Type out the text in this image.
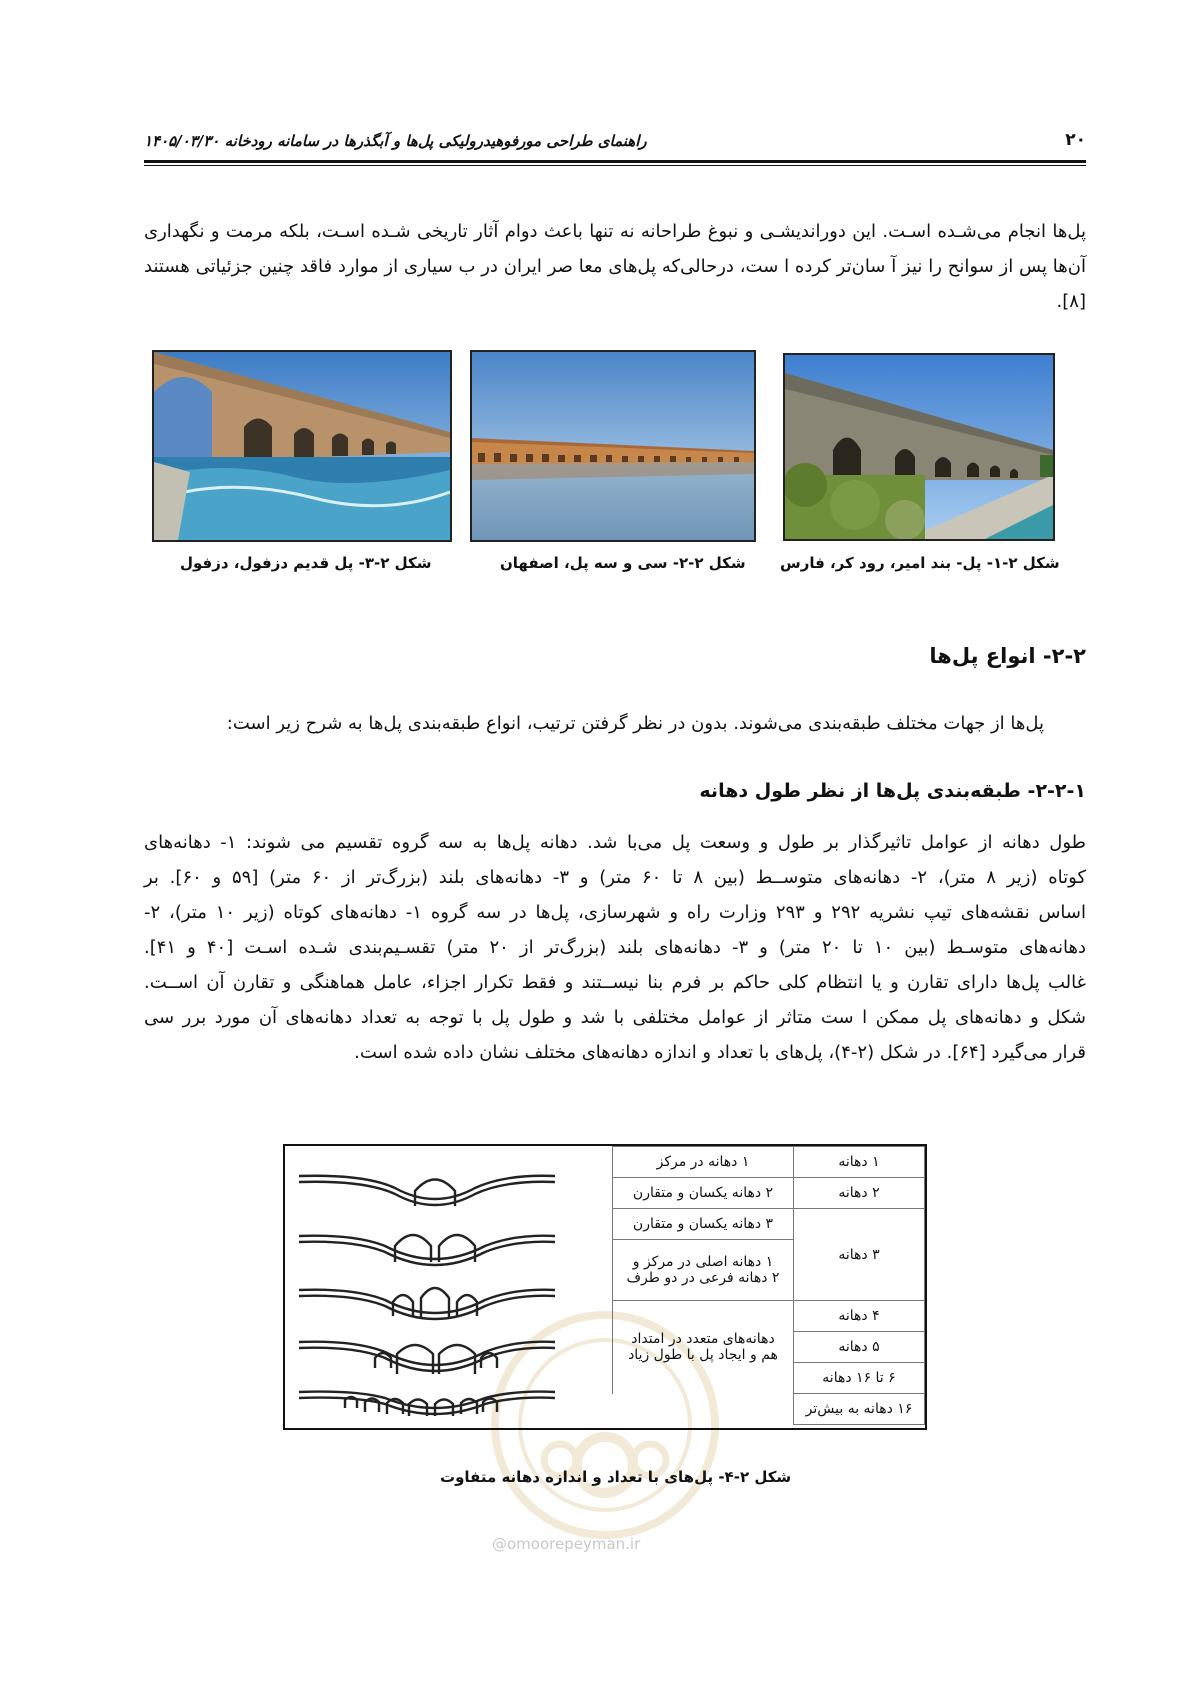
۲۰
راهنمای طراحی مورفوهیدرولیکی پل‌ها و آبگذرها در سامانه رودخانه ۱۴۰۵/۰۳/۳۰
پل‌ها انجام می‌شـده اسـت. این دوراندیشـی و نبوغ طراحانه نه تنها باعث دوام آثار تاریخی شـده اسـت، بلکه مرمت و نگهداری آن‌ها پس از سوانح را نیز آ سان‌تر کرده ا ست، درحالی‌که پل‌های معا صر ایران در ب سیاری از موارد فاقد چنین جزئیاتی هستند [۸].
شکل ۲-۱- پل- بند امیر، رود کر، فارس
شکل ۲-۲- سی و سه پل، اصفهان
شکل ۲-۳- پل قدیم دزفول، دزفول
۲-۲- انواع پل‌ها
پل‌ها از جهات مختلف طبقه‌بندی می‌شوند. بدون در نظر گرفتن ترتیب، انواع طبقه‌بندی پل‌ها به شرح زیر است:
۲-۲-۱- طبقه‌بندی پل‌ها از نظر طول دهانه
طول دهانه از عوامل تاثیرگذار بر طول و وسعت پل می‌با شد. دهانه پل‌ها به سه گروه تقسیم می شوند: ۱- دهانه‌های
کوتاه (زیر ۸ متر)، ۲- دهانه‌های متوســط (بین ۸ تا ۶۰ متر) و ۳- دهانه‌های بلند (بزرگ‌تر از ۶۰ متر) [۵۹ و ۶۰]. بر
اساس نقشه‌های تیپ نشریه ۲۹۲ و ۲۹۳ وزارت راه و شهرسازی، پل‌ها در سه گروه ۱- دهانه‌های کوتاه (زیر ۱۰ متر)، ۲-
دهانه‌های متوسـط (بین ۱۰ تا ۲۰ متر) و ۳- دهانه‌های بلند (بزرگ‌تر از ۲۰ متر) تقسـیم‌بندی شـده اسـت [۴۰ و ۴۱].
غالب پل‌ها دارای تقارن و یا انتظام کلی حاکم بر فرم بنا نیســتند و فقط تکرار اجزاء، عامل هماهنگی و تقارن آن اســت.
شکل و دهانه‌های پل ممکن ا ست متاثر از عوامل مختلفی با شد و طول پل با توجه به تعداد دهانه‌های آن مورد برر سی
قرار می‌گیرد [۶۴]. در شکل (۲-۴)، پل‌های با تعداد و اندازه دهانه‌های مختلف نشان داده شده است.
۱ دهانه	۱ دهانه در مرکز
۲ دهانه	۲ دهانه یکسان و متقارن
۳ دهانه	۳ دهانه یکسان و متقارن

	۱ دهانه اصلی در مرکز و
۲ دهانه فرعی در دو طرف

۴ دهانه	دهانه‌های متعدد در امتداد
هم و ایجاد پل با طول زیاد

۵ دهانه	
۶ تا ۱۶ دهانه	
۱۶ دهانه به بیش‌تر	
شکل ۲-۴- پل‌های با تعداد و اندازه دهانه متفاوت
@omoorepeyman.ir
